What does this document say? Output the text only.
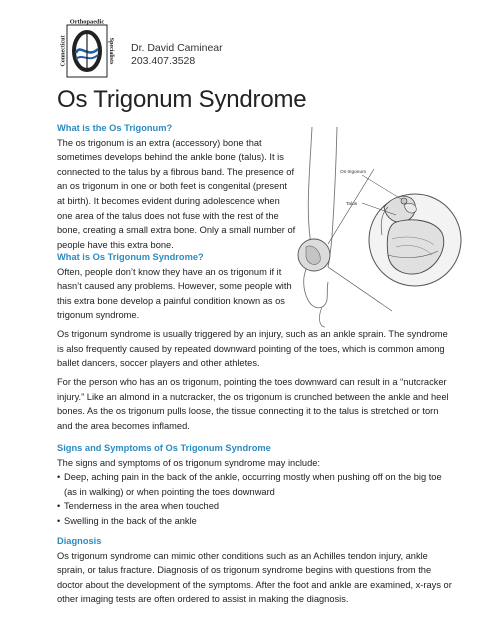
Orthopaedic
Connecticut	Specialists Dr. David Caminear
203.407.3528
Os Trigonum Syndrome
What is the Os Trigonum?
The os trigonum is an extra (accessory) bone that
sometimes develops behind the ankle bone (talus). It is
connected to the talus by a fibrous band. The presence of
an os trigonum in one or both feet is congenital (present
at birth). It becomes evident during adolescence when
one area of the talus does not fuse with the rest of the
bone, creating a small extra bone. Only a small number of
people have this extra bone.
What is Os Trigonum Syndrome?
Often, people don’t know they have an os trigonum if it
hasn’t caused any problems. However, some people with
this extra bone develop a painful condition known as os
trigonum syndrome.
Os trigonum
Talus
Os trigonum syndrome is usually triggered by an injury, such as an ankle sprain. The syndrome
is also frequently caused by repeated downward pointing of the toes, which is common among
ballet dancers, soccer players and other athletes.
For the person who has an os trigonum, pointing the toes downward can result in a “nutcracker
injury.” Like an almond in a nutcracker, the os trigonum is crunched between the ankle and heel
bones. As the os trigonum pulls loose, the tissue connecting it to the talus is stretched or torn
and the area becomes inflamed.
Signs and Symptoms of Os Trigonum Syndrome
The signs and symptoms of os trigonum syndrome may include:
• Deep, aching pain in the back of the ankle, occurring mostly when pushing off on the big toe
(as in walking) or when pointing the toes downward
• Tenderness in the area when touched
• Swelling in the back of the ankle
Diagnosis
Os trigonum syndrome can mimic other conditions such as an Achilles tendon injury, ankle
sprain, or talus fracture. Diagnosis of os trigonum syndrome begins with questions from the
doctor about the development of the symptoms. After the foot and ankle are examined, x-rays or
other imaging tests are often ordered to assist in making the diagnosis.
